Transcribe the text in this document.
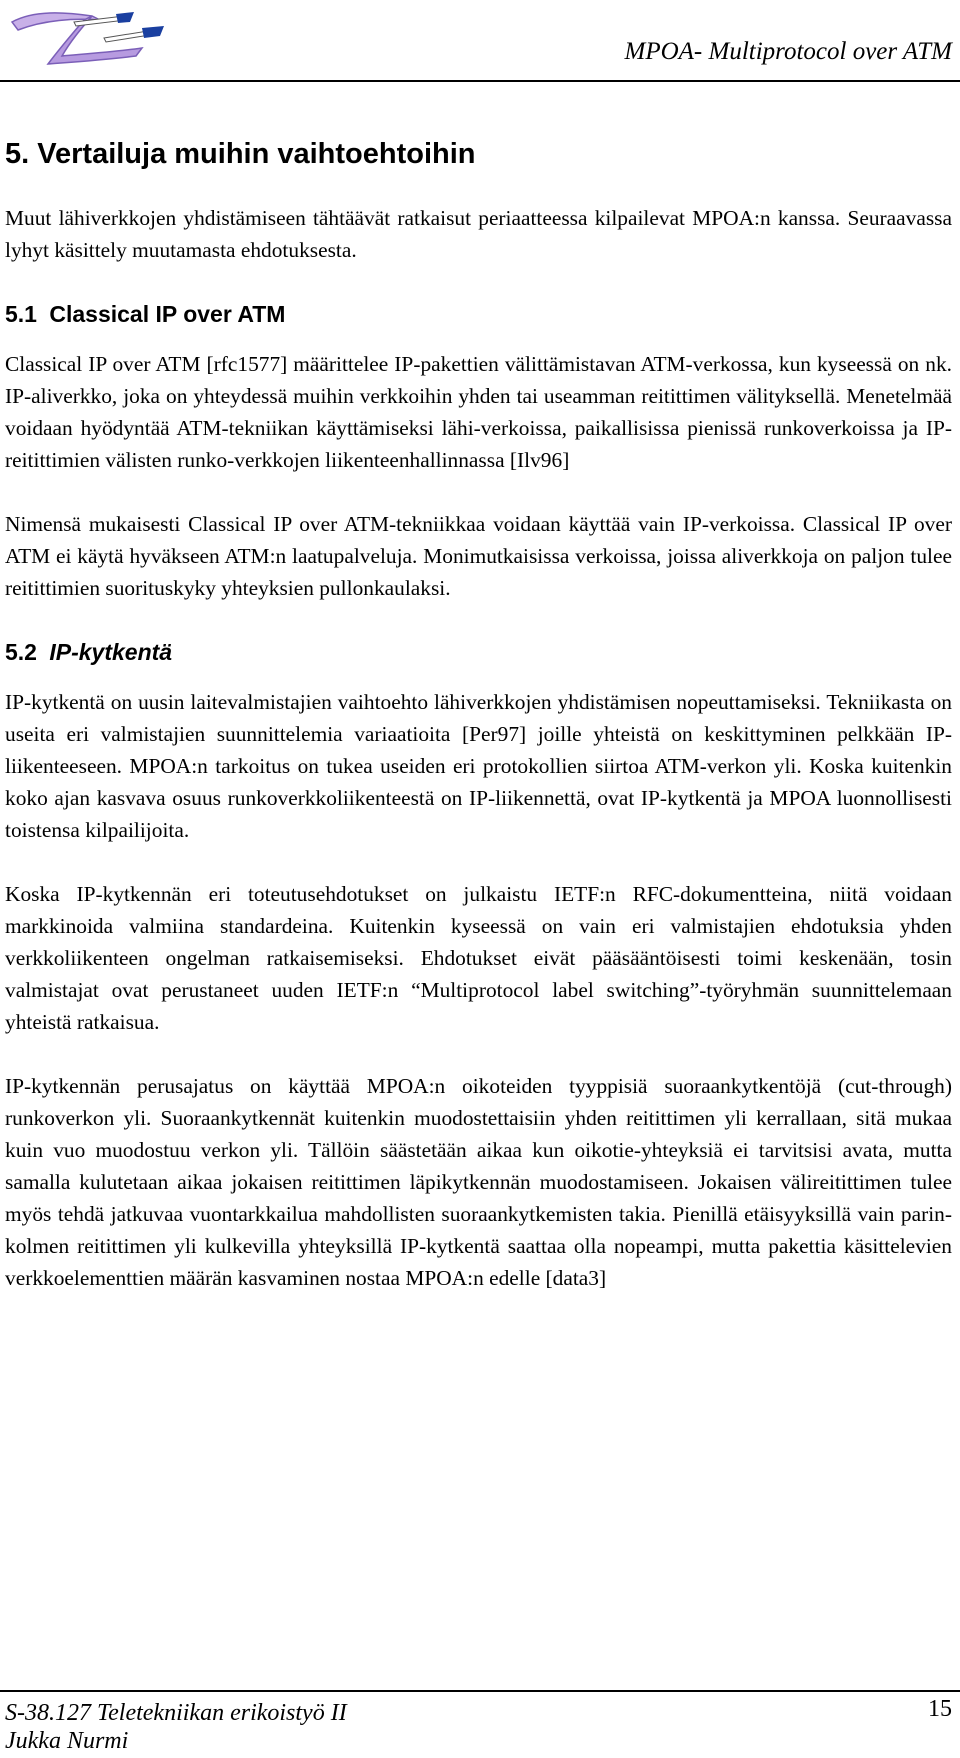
MPOA- Multiprotocol over ATM
5. Vertailuja muihin vaihtoehtoihin

Muut lähiverkkojen yhdistämiseen tähtäävät ratkaisut periaatteessa kilpailevat MPOA:n kanssa. Seuraavassa lyhyt käsittely muutamasta ehdotuksesta.

5.1 Classical IP over ATM

Classical IP over ATM [rfc1577] määrittelee IP-pakettien välittämistavan ATM-verkossa, kun kyseessä on nk. IP-aliverkko, joka on yhteydessä muihin verkkoihin yhden tai useamman reitittimen välityksellä. Menetelmää voidaan hyödyntää ATM-tekniikan käyttämiseksi lähi-verkoissa, paikallisissa pienissä runkoverkoissa ja IP-reitittimien välisten runko-verkkojen liikenteenhallinnassa [Ilv96]

Nimensä mukaisesti Classical IP over ATM-tekniikkaa voidaan käyttää vain IP-verkoissa. Classical IP over ATM ei käytä hyväkseen ATM:n laatupalveluja. Monimutkaisissa verkoissa, joissa aliverkkoja on paljon tulee reitittimien suorituskyky yhteyksien pullonkaulaksi.

5.2 IP-kytkentä

IP-kytkentä on uusin laitevalmistajien vaihtoehto lähiverkkojen yhdistämisen nopeuttamiseksi. Tekniikasta on useita eri valmistajien suunnittelemia variaatioita [Per97] joille yhteistä on keskittyminen pelkkään IP-liikenteeseen. MPOA:n tarkoitus on tukea useiden eri protokollien siirtoa ATM-verkon yli. Koska kuitenkin koko ajan kasvava osuus runkoverkkoliikenteestä on IP-liikennettä, ovat IP-kytkentä ja MPOA luonnollisesti toistensa kilpailijoita.

Koska IP-kytkennän eri toteutusehdotukset on julkaistu IETF:n RFC-dokumentteina, niitä voidaan markkinoida valmiina standardeina. Kuitenkin kyseessä on vain eri valmistajien ehdotuksia yhden verkkoliikenteen ongelman ratkaisemiseksi. Ehdotukset eivät pääsääntöisesti toimi keskenään, tosin valmistajat ovat perustaneet uuden IETF:n “Multiprotocol label switching”-työryhmän suunnittelemaan yhteistä ratkaisua.

IP-kytkennän perusajatus on käyttää MPOA:n oikoteiden tyyppisiä suoraankytkentöjä (cut-through) runkoverkon yli. Suoraankytkennät kuitenkin muodostettaisiin yhden reitittimen yli kerrallaan, sitä mukaa kuin vuo muodostuu verkon yli. Tällöin säästetään aikaa kun oikotie-yhteyksiä ei tarvitsisi avata, mutta samalla kulutetaan aikaa jokaisen reitittimen läpikytkennän muodostamiseen. Jokaisen välireitittimen tulee myös tehdä jatkuvaa vuontarkkailua mahdollisten suoraankytkemisten takia. Pienillä etäisyyksillä vain parin-kolmen reitittimen yli kulkevilla yhteyksillä IP-kytkentä saattaa olla nopeampi, mutta pakettia käsittelevien verkkoelementtien määrän kasvaminen nostaa MPOA:n edelle [data3]

S-38.127 Teletekniikan erikoistyö II
Jukka Nurmi
15
